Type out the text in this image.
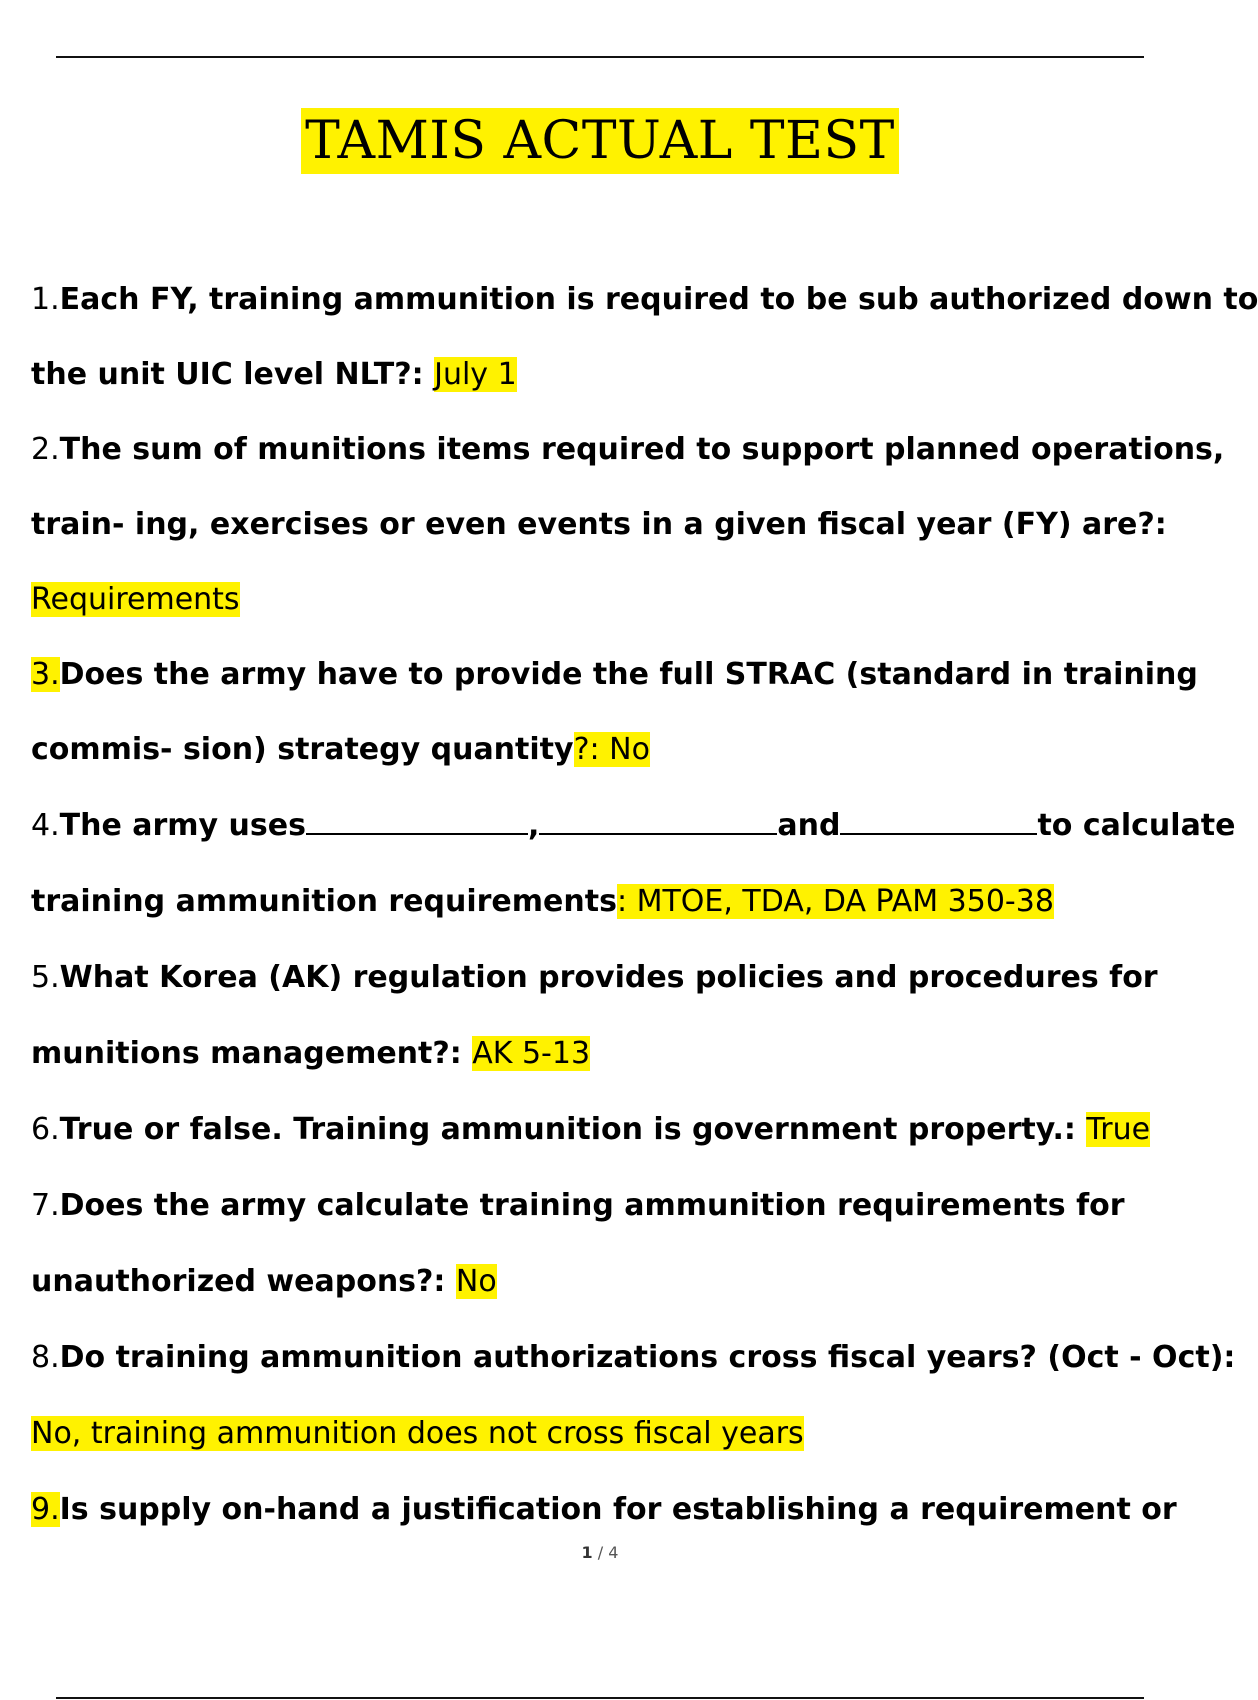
TAMIS ACTUAL TEST
1.Each FY, training ammunition is required to be sub authorized down to
the unit UIC level NLT?: July 1
2.The sum of munitions items required to support planned operations,
train- ing, exercises or even events in a given fiscal year (FY) are?:
Requirements
3.Does the army have to provide the full STRAC (standard in training
commis- sion) strategy quantity?: No
4.The army uses	,	and	to calculate
training ammunition requirements: MTOE, TDA, DA PAM 350-38
5.What Korea (AK) regulation provides policies and procedures for
munitions management?: AK 5-13
6.True or false. Training ammunition is government property.: True
7.Does the army calculate training ammunition requirements for
unauthorized weapons?: No
8.Do training ammunition authorizations cross fiscal years? (Oct - Oct):
No, training ammunition does not cross fiscal years
9.Is supply on-hand a justification for establishing a requirement or
1 / 4
